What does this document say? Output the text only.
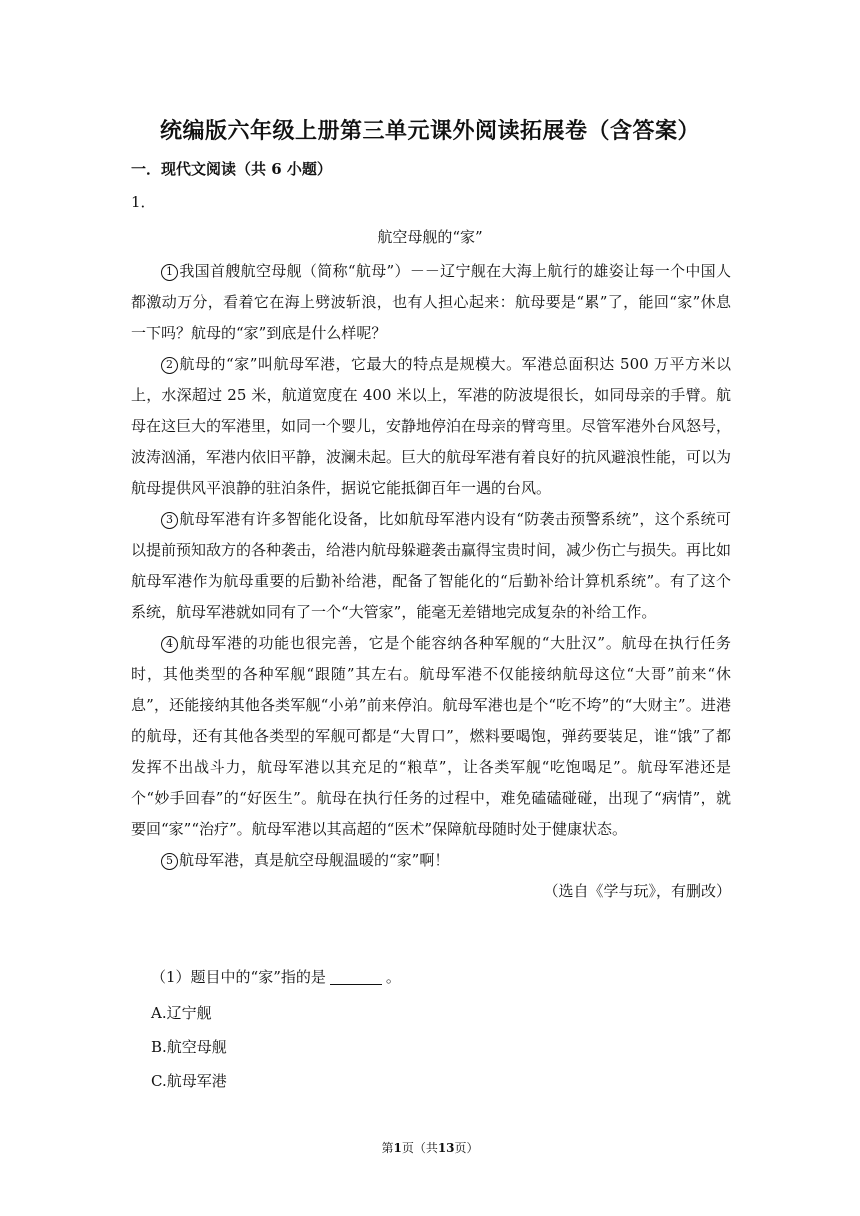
统编版六年级上册第三单元课外阅读拓展卷（含答案）
一．现代文阅读（共 6 小题）
1．
航空母舰的“家”

1 我国首艘航空母舰（简称“航母”）－－辽宁舰在大海上航行的雄姿让每一个中国人都激动万分，看着它在海上劈波斩浪，也有人担心起来：航母要是“累”了，能回“家”休息一下吗？航母的“家”到底是什么样呢？

2 航母的“家”叫航母军港，它最大的特点是规模大。军港总面积达 500 万平方米以上，水深超过 25 米，航道宽度在 400 米以上，军港的防波堤很长，如同母亲的手臂。航母在这巨大的军港里，如同一个婴儿，安静地停泊在母亲的臂弯里。尽管军港外台风怒号，波涛汹涌，军港内依旧平静，波澜未起。巨大的航母军港有着良好的抗风避浪性能，可以为航母提供风平浪静的驻泊条件，据说它能抵御百年一遇的台风。

3 航母军港有许多智能化设备，比如航母军港内设有“防袭击预警系统”，这个系统可以提前预知敌方的各种袭击，给港内航母躲避袭击赢得宝贵时间，减少伤亡与损失。再比如航母军港作为航母重要的后勤补给港，配备了智能化的“后勤补给计算机系统”。有了这个系统，航母军港就如同有了一个“大管家”，能毫无差错地完成复杂的补给工作。

4 航母军港的功能也很完善，它是个能容纳各种军舰的“大肚汉”。航母在执行任务时，其他类型的各种军舰“跟随”其左右。航母军港不仅能接纳航母这位“大哥”前来“休息”，还能接纳其他各类军舰“小弟”前来停泊。航母军港也是个“吃不垮”的“大财主”。进港的航母，还有其他各类型的军舰可都是“大胃口”，燃料要喝饱，弹药要装足，谁“饿”了都发挥不出战斗力，航母军港以其充足的“粮草”，让各类军舰“吃饱喝足”。航母军港还是个“妙手回春”的“好医生”。航母在执行任务的过程中，难免磕磕碰碰，出现了“病情”，就要回“家”“治疗”。航母军港以其高超的“医术”保障航母随时处于健康状态。

5 航母军港，真是航空母舰温暖的“家”啊！

（选自《学与玩》，有删改）

（1）题目中的“家”指的是	。
A.辽宁舰
B.航空母舰
C.航母军港
第1页（共13页）
